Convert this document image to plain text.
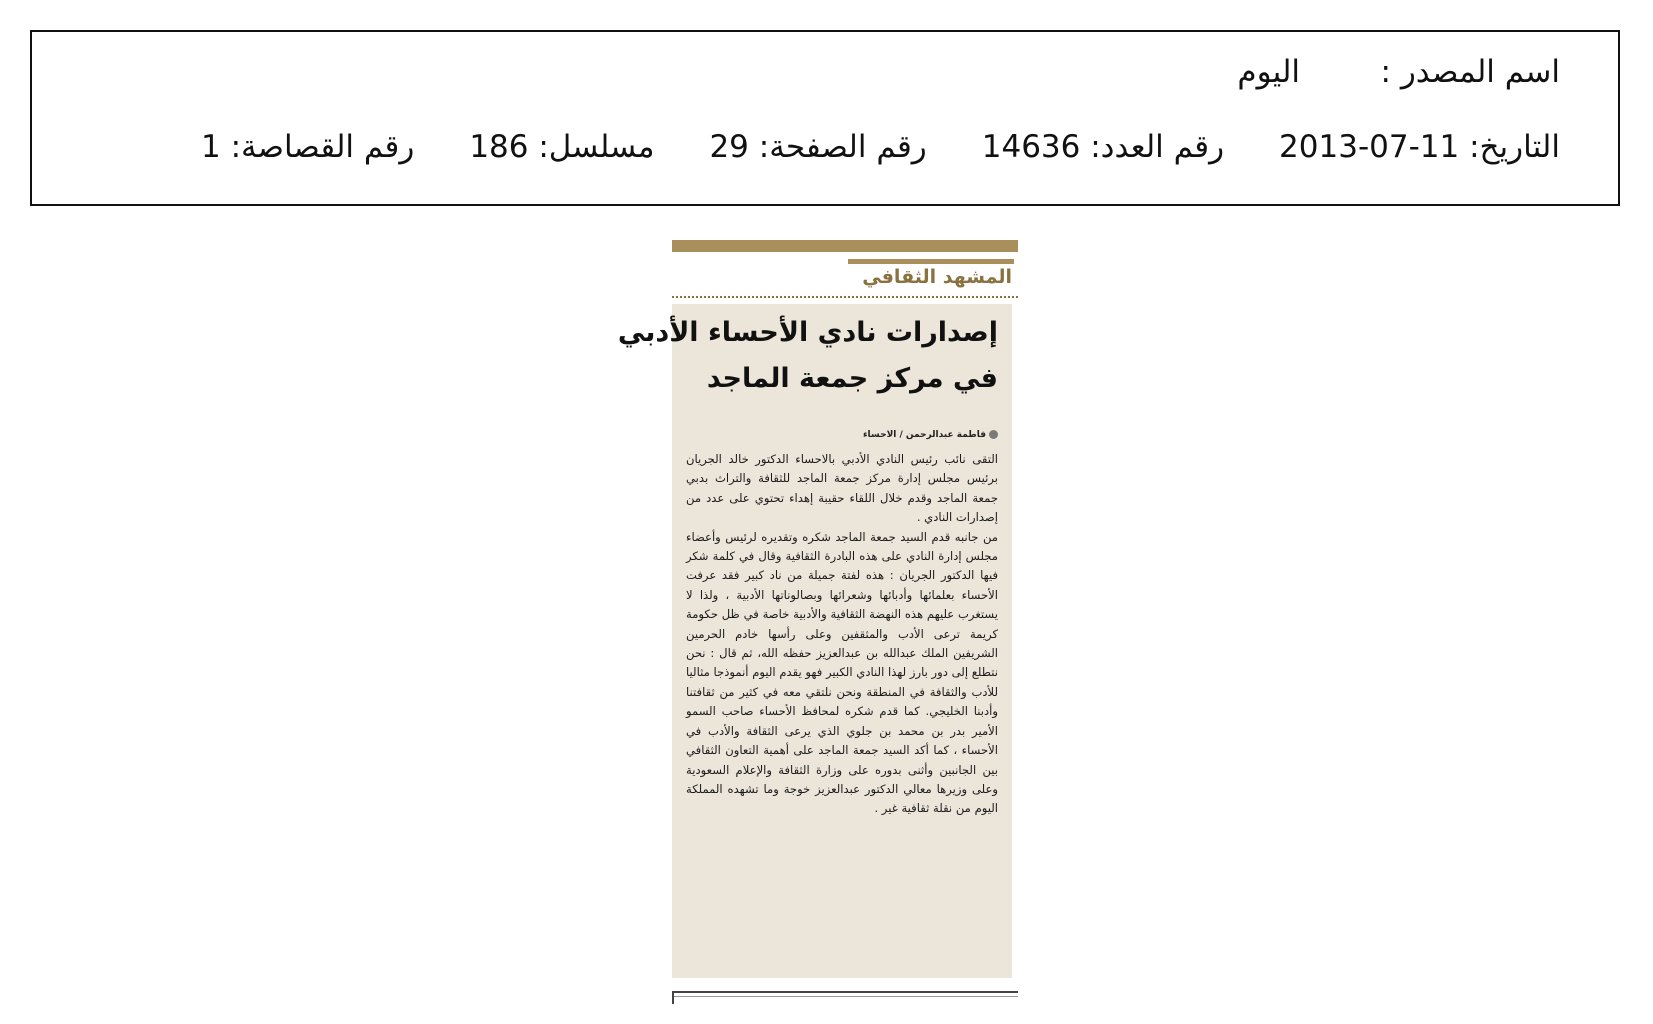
اسم المصدر :اليوم
التاريخ: 2013-07-11رقم العدد: 14636رقم الصفحة: 29مسلسل: 186رقم القصاصة: 1
المشهد الثقافي
إصدارات نادي الأحساء الأدبي
في مركز جمعة الماجد
فاطمة عبدالرحمن / الاحساء

التقى نائب رئيس النادي الأدبي بالاحساء الدكتور خالد الجريان برئيس مجلس إدارة مركز جمعة الماجد للثقافة والتراث بدبي جمعة الماجد وقدم خلال اللقاء حقيبة إهداء تحتوي على عدد من إصدارات النادي .

من جانبه قدم السيد جمعة الماجد شكره وتقديره لرئيس وأعضاء مجلس إدارة النادي على هذه البادرة الثقافية وقال في كلمة شكر فيها الدكتور الجريان : هذه لفتة جميلة من ناد كبير فقد عرفت الأحساء بعلمائها وأدبائها وشعرائها وبصالوناتها الأدبية ، ولذا لا يستغرب عليهم هذه النهضة الثقافية والأدبية خاصة في ظل حكومة كريمة ترعى الأدب والمثقفين وعلى رأسها خادم الحرمين الشريفين الملك عبدالله بن عبدالعزيز حفظه الله، ثم قال : نحن نتطلع إلى دور بارز لهذا النادي الكبير فهو يقدم اليوم أنموذجا مثاليا للأدب والثقافة في المنطقة ونحن نلتقي معه في كثير من ثقافتنا وأدبنا الخليجي. كما قدم شكره لمحافظ الأحساء صاحب السمو الأمير بدر بن محمد بن جلوي الذي يرعى الثقافة والأدب في الأحساء ، كما أكد السيد جمعة الماجد على أهمية التعاون الثقافي بين الجانبين وأثنى بدوره على وزارة الثقافة والإعلام السعودية وعلى وزيرها معالي الدكتور عبدالعزيز خوجة وما تشهده المملكة اليوم من نقلة ثقافية غير .
